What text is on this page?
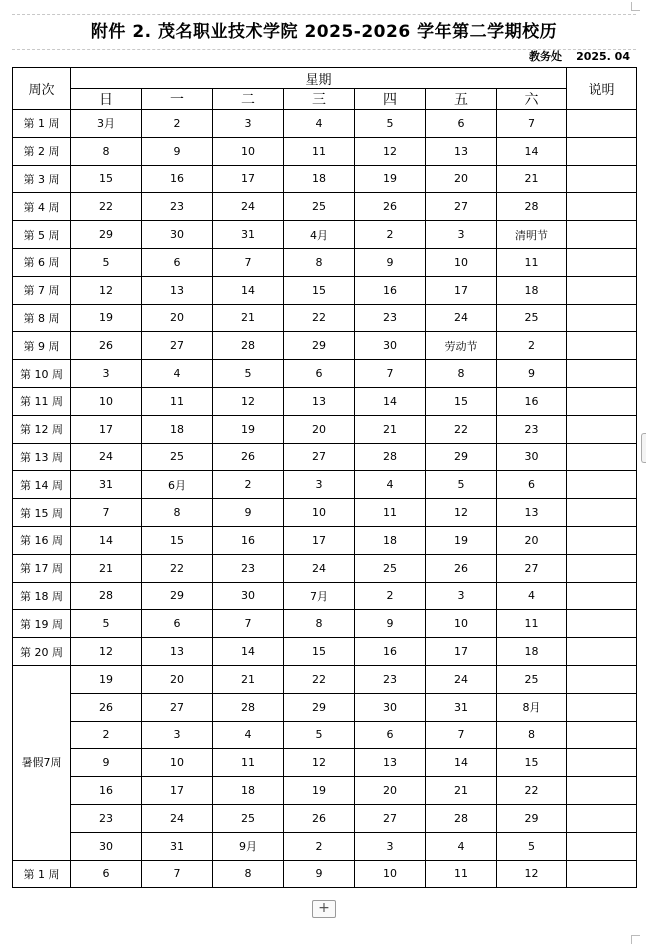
附件 2. 茂名职业技术学院 2025-2026 学年第二学期校历
教务处 2025. 04
周次	星期							说明
	日	一	二	三	四	五	六	
第 1 周	3月	2	3	4	5	6	7	
第 2 周	8	9	10	11	12	13	14	
第 3 周	15	16	17	18	19	20	21	
第 4 周	22	23	24	25	26	27	28	
第 5 周	29	30	31	4月	2	3	清明节	
第 6 周	5	6	7	8	9	10	11	
第 7 周	12	13	14	15	16	17	18	
第 8 周	19	20	21	22	23	24	25	
第 9 周	26	27	28	29	30	劳动节	2	
第 10 周	3	4	5	6	7	8	9	
第 11 周	10	11	12	13	14	15	16	
第 12 周	17	18	19	20	21	22	23	
第 13 周	24	25	26	27	28	29	30	
第 14 周	31	6月	2	3	4	5	6	
第 15 周	7	8	9	10	11	12	13	
第 16 周	14	15	16	17	18	19	20	
第 17 周	21	22	23	24	25	26	27	
第 18 周	28	29	30	7月	2	3	4	
第 19 周	5	6	7	8	9	10	11	
第 20 周	12	13	14	15	16	17	18	
暑假7周	19	20	21	22	23	24	25	
	26	27	28	29	30	31	8月	
	2	3	4	5	6	7	8	
	9	10	11	12	13	14	15	
	16	17	18	19	20	21	22	
	23	24	25	26	27	28	29	
	30	31	9月	2	3	4	5	
第 1 周	6	7	8	9	10	11	12	
+
